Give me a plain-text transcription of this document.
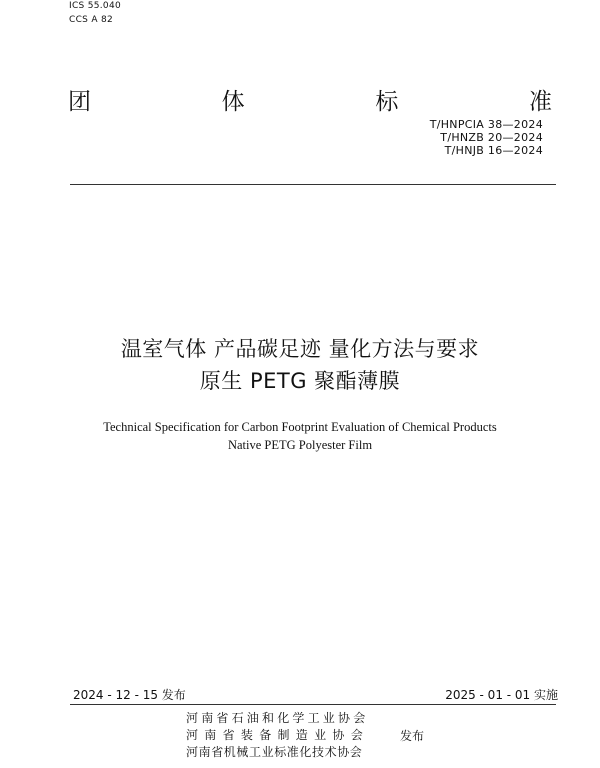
ICS 55.040
CCS A 82
团	体	标	准
T/HNPCIA 38—2024
T/HNZB 20—2024
T/HNJB 16—2024
温室气体 产品碳足迹 量化方法与要求
原生 PETG 聚酯薄膜
Technical Specification for Carbon Footprint Evaluation of Chemical Products
Native PETG Polyester Film
2024 - 12 - 15 发布	2025 - 01 - 01 实施
河南省石油和化学工业协会
河南省装备制造业协会
河南省机械工业标准化技术协会
发布
